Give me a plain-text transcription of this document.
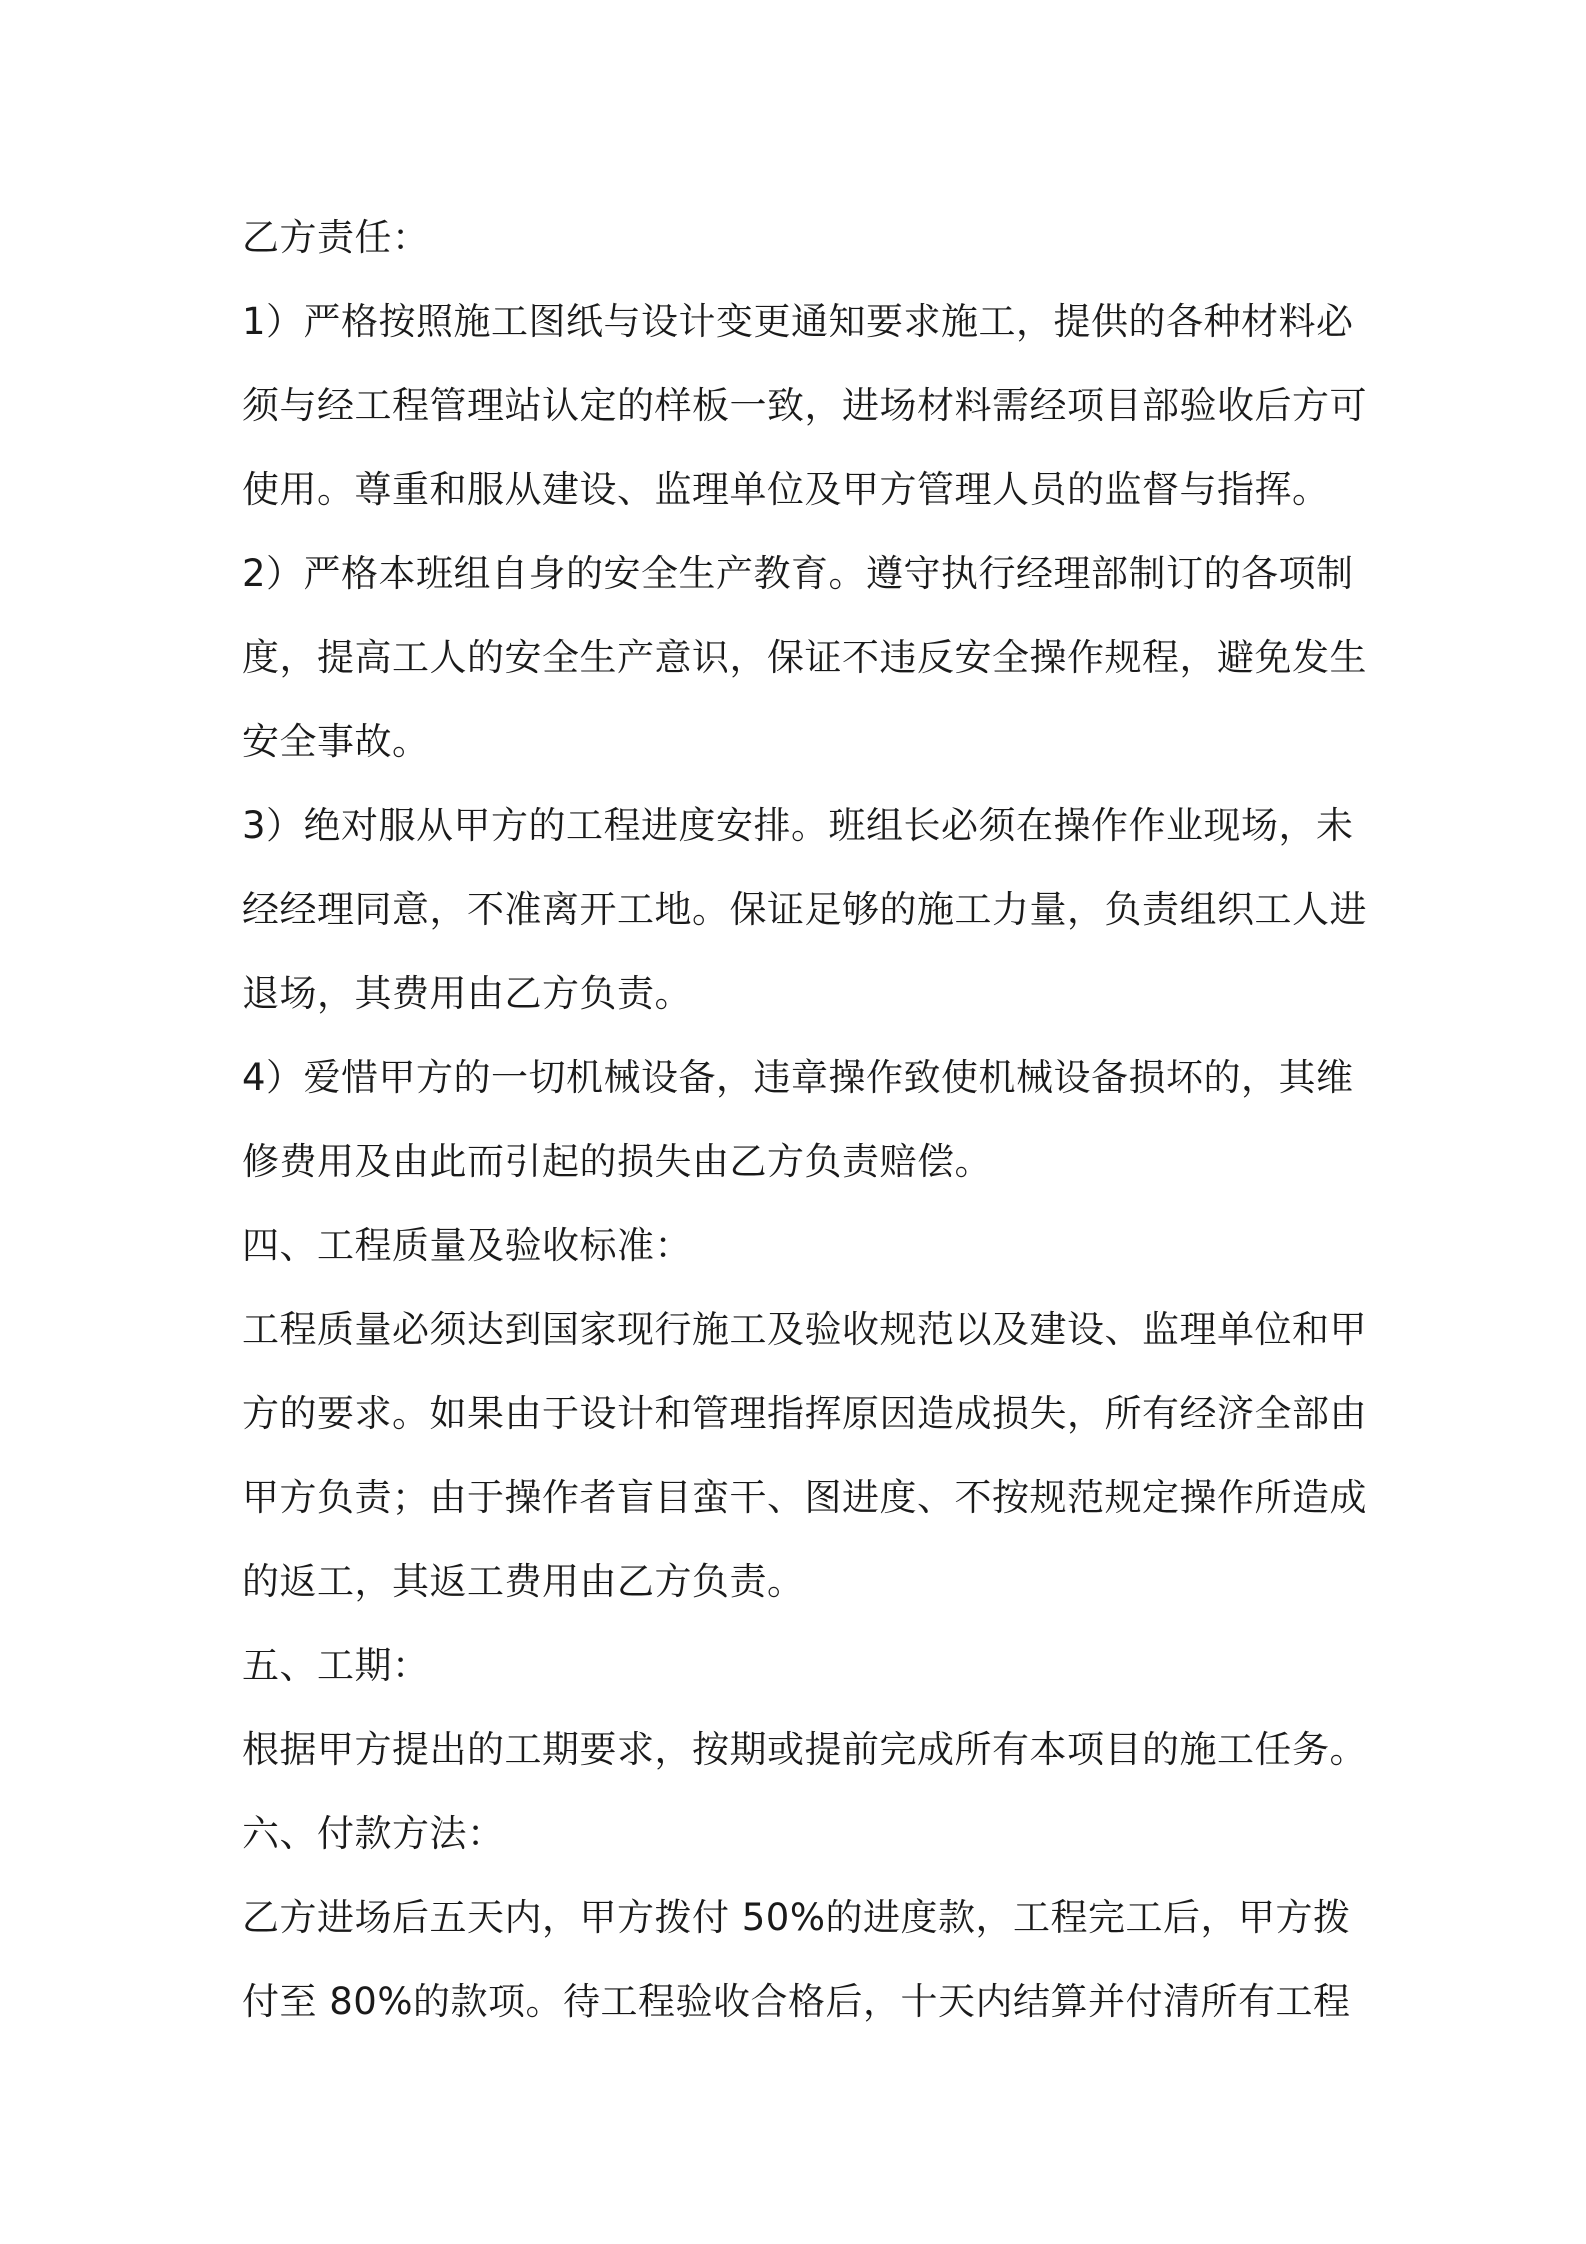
乙方责任：
1）严格按照施工图纸与设计变更通知要求施工，提供的各种材料必
须与经工程管理站认定的样板一致，进场材料需经项目部验收后方可
使用。尊重和服从建设、监理单位及甲方管理人员的监督与指挥。
2）严格本班组自身的安全生产教育。遵守执行经理部制订的各项制
度，提高工人的安全生产意识，保证不违反安全操作规程，避免发生
安全事故。
3）绝对服从甲方的工程进度安排。班组长必须在操作作业现场，未
经经理同意，不准离开工地。保证足够的施工力量，负责组织工人进
退场，其费用由乙方负责。
4）爱惜甲方的一切机械设备，违章操作致使机械设备损坏的，其维
修费用及由此而引起的损失由乙方负责赔偿。
四、工程质量及验收标准：
工程质量必须达到国家现行施工及验收规范以及建设、监理单位和甲
方的要求。如果由于设计和管理指挥原因造成损失，所有经济全部由
甲方负责；由于操作者盲目蛮干、图进度、不按规范规定操作所造成
的返工，其返工费用由乙方负责。
五、工期：
根据甲方提出的工期要求，按期或提前完成所有本项目的施工任务。
六、付款方法：
乙方进场后五天内，甲方拨付 50%的进度款，工程完工后，甲方拨
付至 80%的款项。待工程验收合格后，十天内结算并付清所有工程
